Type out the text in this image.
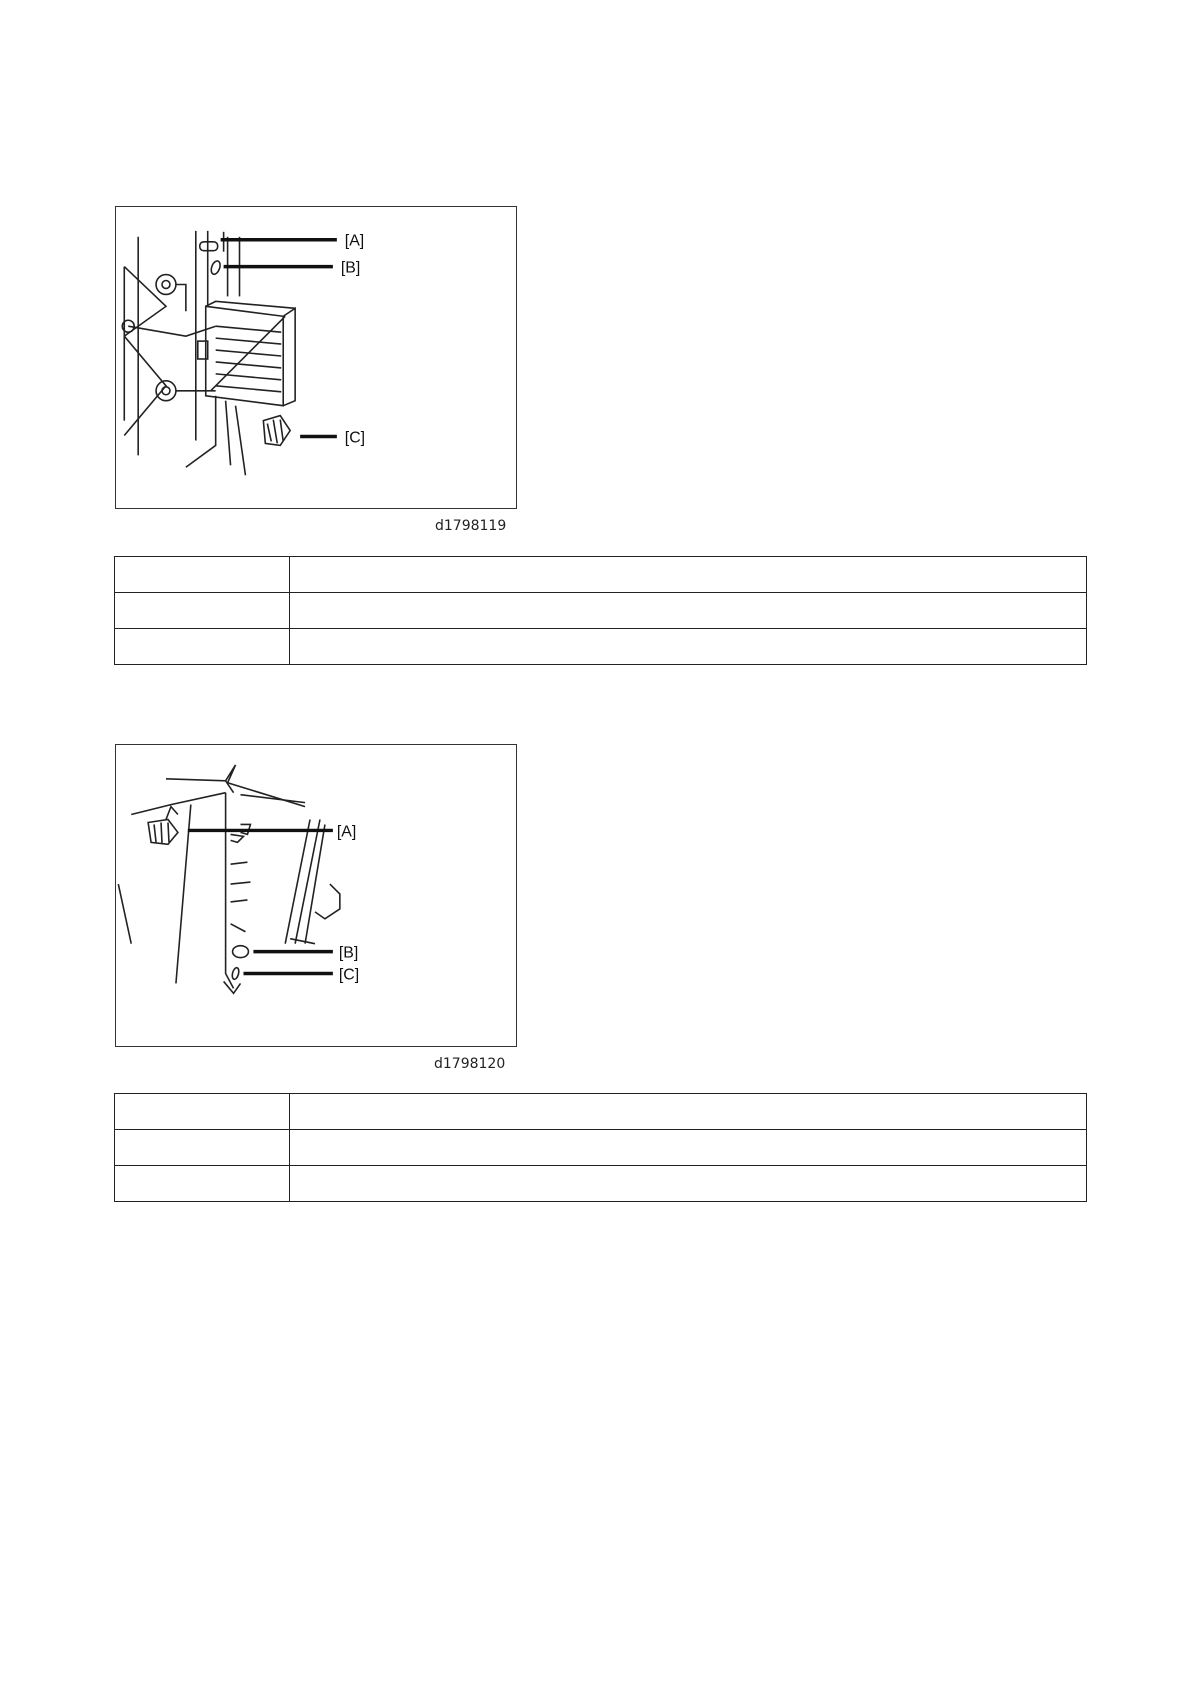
[A]
[B]
[C]
d1798119

[A]
[B]
[C]
d1798120
